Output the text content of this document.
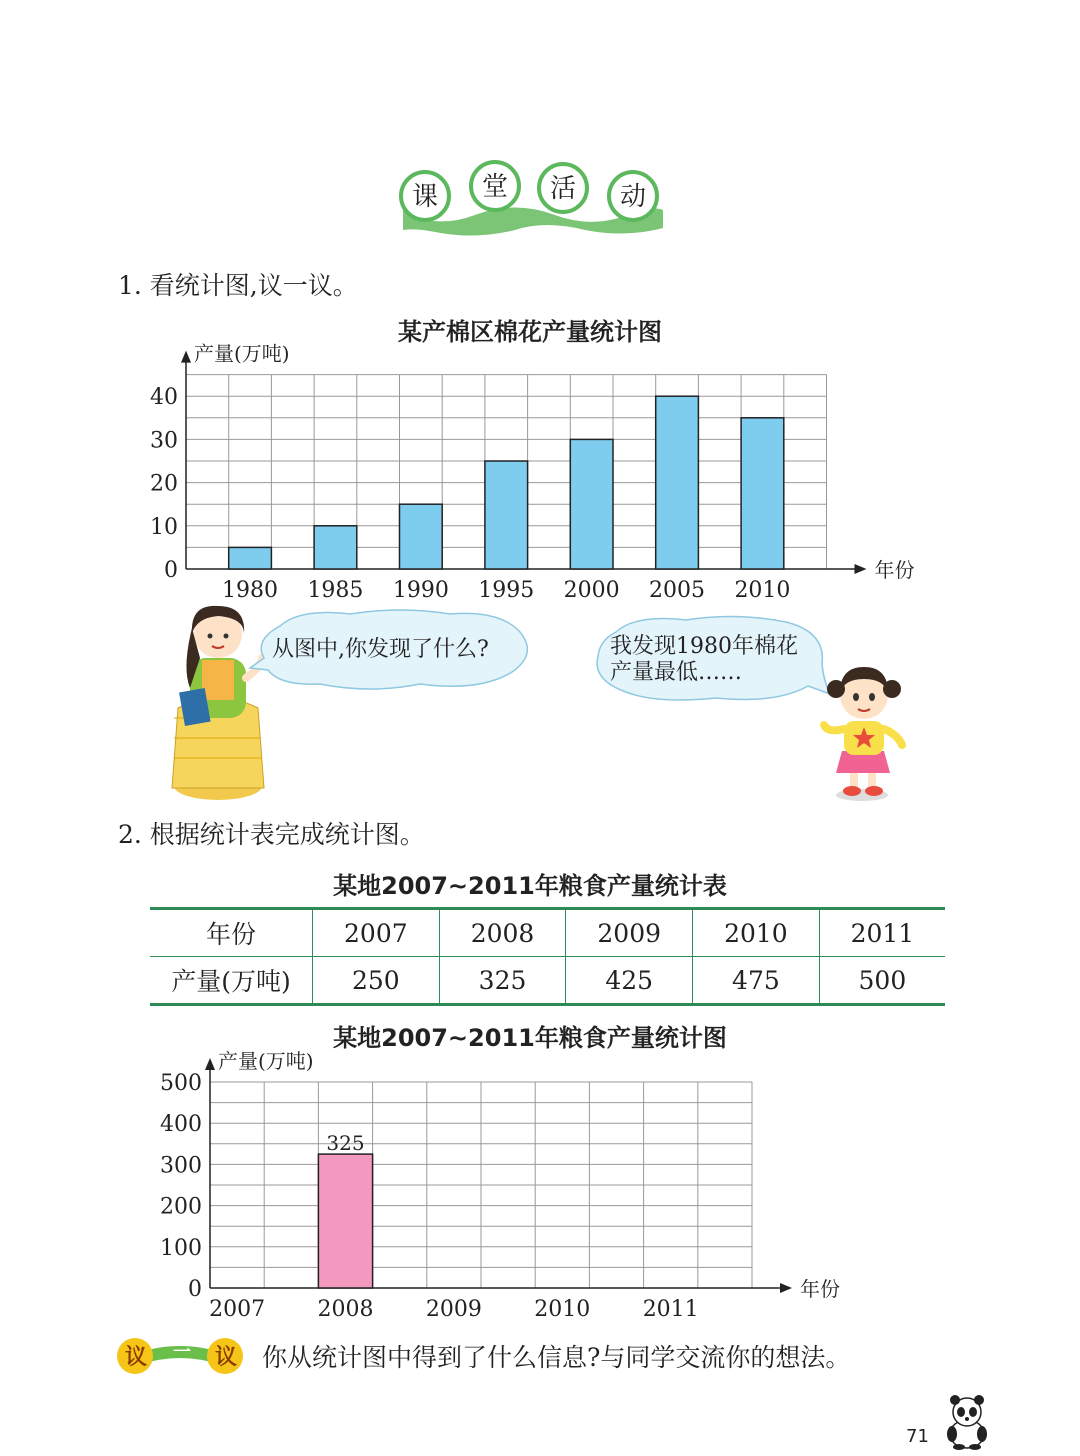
课 堂 活 动
1. 看统计图,议一议。
某产棉区棉花产量统计图
产量(万吨)
年份
0
10
20
30
40
1980 1985 1990 1995 2000 2005 2010
从图中,你发现了什么?	我发现1980年棉花
产量最低……
2. 根据统计表完成统计图。
某地2007~2011年粮食产量统计表
年份	2007	2008	2009	2010	2011
产量(万吨)	250	325	425	475	500
某地2007~2011年粮食产量统计图
产量(万吨)
年份
0
100
200
300
400
500
2007 2008
325
2009 2010 2011
议	一 议 你从统计图中得到了什么信息?与同学交流你的想法。
71
